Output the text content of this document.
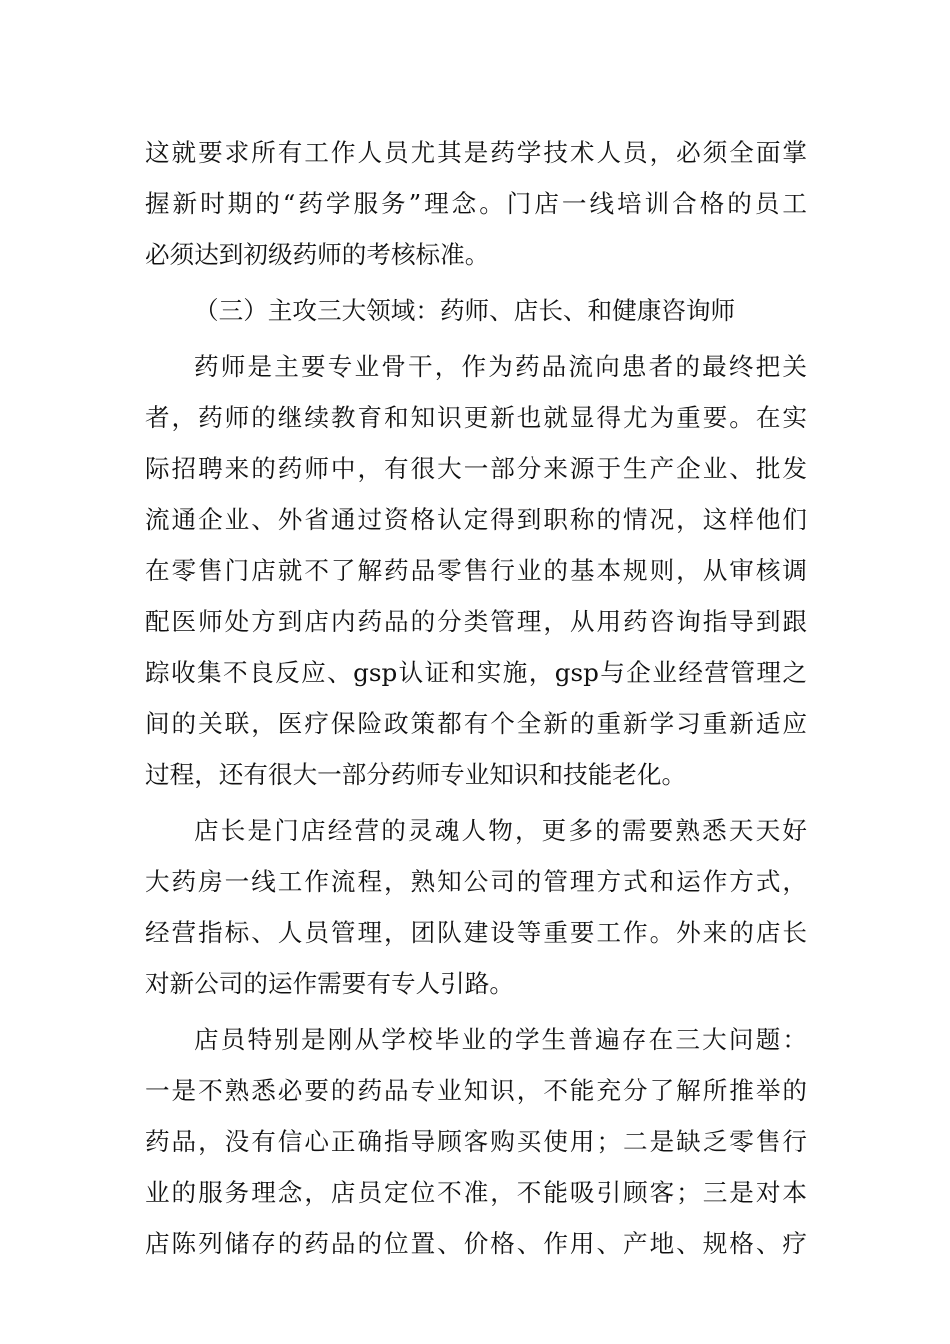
这就要求所有工作人员尤其是药学技术人员，必须全面掌
握新时期的“药学服务”理念。门店一线培训合格的员工
必须达到初级药师的考核标准。
（三）主攻三大领域：药师、店长、和健康咨询师
药师是主要专业骨干，作为药品流向患者的最终把关
者，药师的继续教育和知识更新也就显得尤为重要。在实
际招聘来的药师中，有很大一部分来源于生产企业、批发
流通企业、外省通过资格认定得到职称的情况，这样他们
在零售门店就不了解药品零售行业的基本规则，从审核调
配医师处方到店内药品的分类管理，从用药咨询指导到跟
踪收集不良反应、gsp认证和实施，gsp与企业经营管理之
间的关联，医疗保险政策都有个全新的重新学习重新适应
过程，还有很大一部分药师专业知识和技能老化。
店长是门店经营的灵魂人物，更多的需要熟悉天天好
大药房一线工作流程，熟知公司的管理方式和运作方式，
经营指标、人员管理，团队建设等重要工作。外来的店长
对新公司的运作需要有专人引路。
店员特别是刚从学校毕业的学生普遍存在三大问题：
一是不熟悉必要的药品专业知识，不能充分了解所推举的
药品，没有信心正确指导顾客购买使用；二是缺乏零售行
业的服务理念，店员定位不准，不能吸引顾客；三是对本
店陈列储存的药品的位置、价格、作用、产地、规格、疗
